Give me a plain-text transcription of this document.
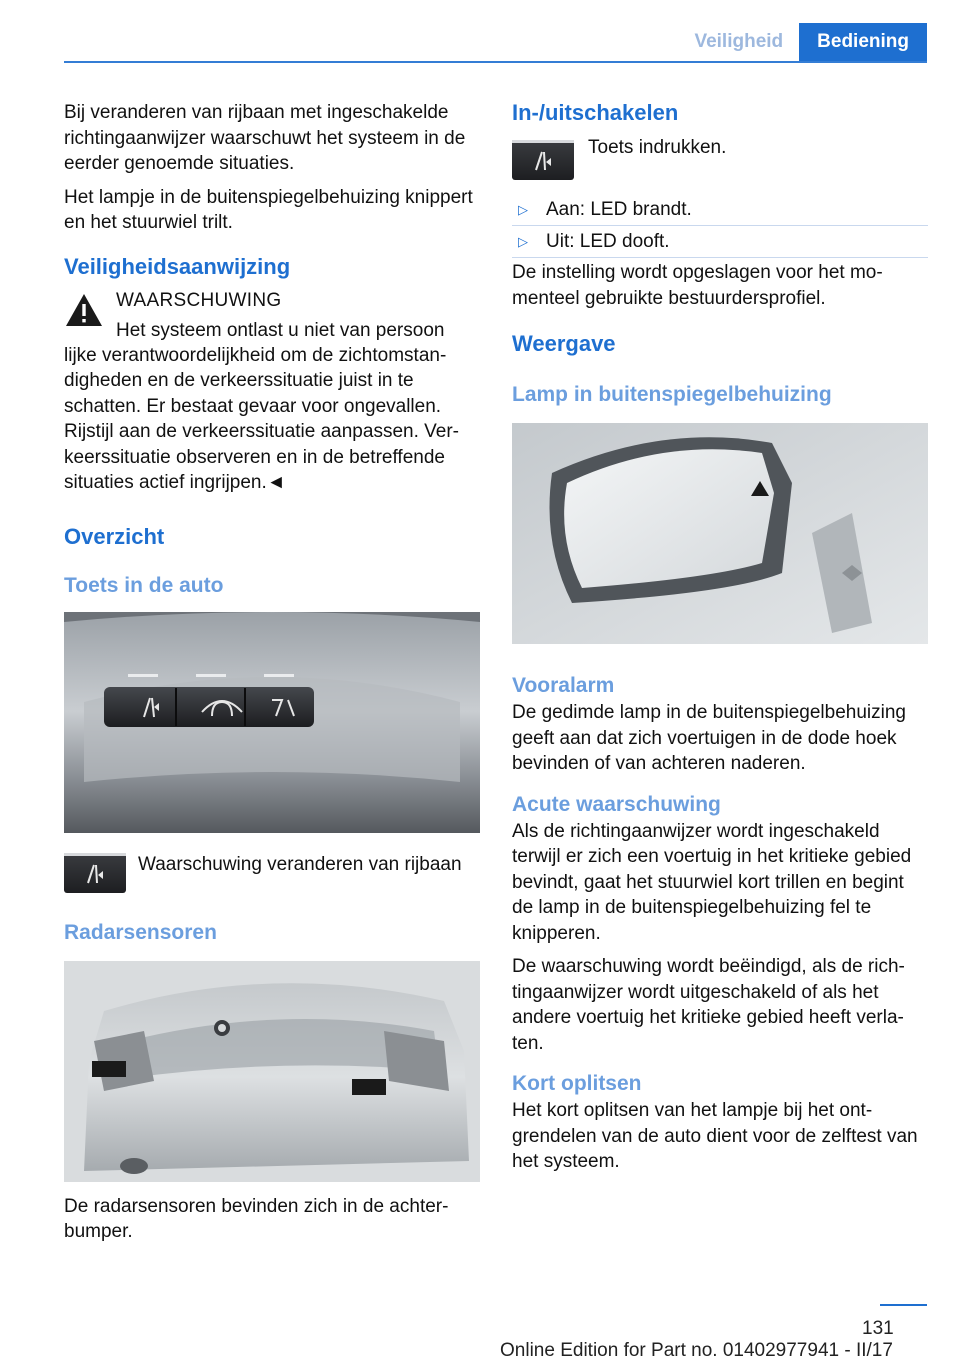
Veiligheid	Bediening

Bij veranderen van rijbaan met ingeschakelde richtingaanwijzer waarschuwt het systeem in de eerder genoemde situaties.

Het lampje in de buitenspiegelbehuizing knippert en het stuurwiel trilt.

Veiligheidsaanwijzing
WAARSCHUWING
Het systeem ontlast u niet van persoon

lijke verantwoordelijkheid om de zichtomstandigheden en de verkeerssituatie juist in te schatten. Er bestaat gevaar voor ongevallen. Rijstijl aan de verkeerssituatie aanpassen. Verkeerssituatie observeren en in de betreffende situaties actief ingrijpen.◄

Overzicht
Toets in de auto
Waarschuwing veranderen van rijbaan
Radarsensoren

De radarsensoren bevinden zich in de achterbumper.

In-/uitschakelen
Toets indrukken.
▷ Aan: LED brandt.
▷ Uit: LED dooft.

De instelling wordt opgeslagen voor het momenteel gebruikte bestuurdersprofiel.

Weergave
Lamp in buitenspiegelbehuizing
Vooralarm

De gedimde lamp in de buitenspiegelbehuizing geeft aan dat zich voertuigen in de dode hoek bevinden of van achteren naderen.

Acute waarschuwing

Als de richtingaanwijzer wordt ingeschakeld terwijl er zich een voertuig in het kritieke gebied bevindt, gaat het stuurwiel kort trillen en begint de lamp in de buitenspiegelbehuizing fel te knipperen.

De waarschuwing wordt beëindigd, als de richtingaanwijzer wordt uitgeschakeld of als het andere voertuig het kritieke gebied heeft verlaten.

Kort oplitsen

Het kort oplitsen van het lampje bij het ontgrendelen van de auto dient voor de zelftest van het systeem.

131
Online Edition for Part no. 01402977941 - II/17
